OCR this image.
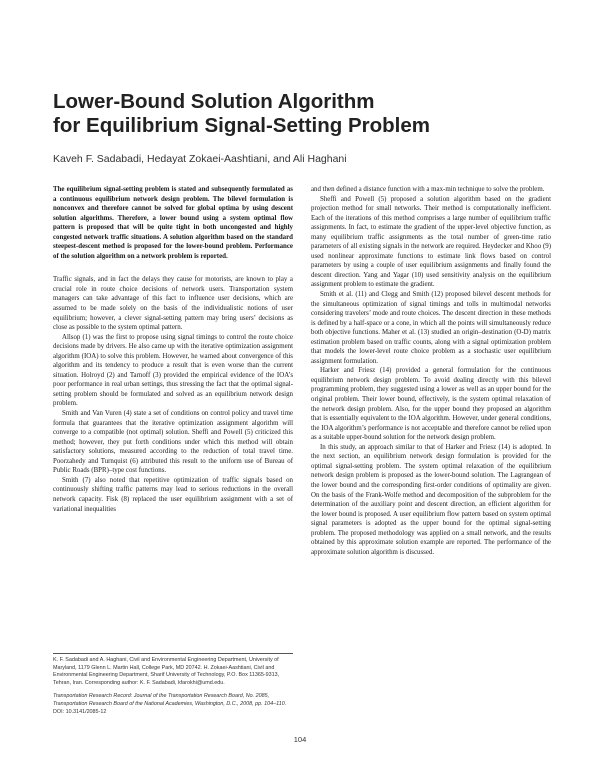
Lower-Bound Solution Algorithm
for Equilibrium Signal-Setting Problem
Kaveh F. Sadabadi, Hedayat Zokaei-Aashtiani, and Ali Haghani

The equilibrium signal-setting problem is stated and subsequently formulated as a continuous equilibrium network design problem. The bilevel formulation is nonconvex and therefore cannot be solved for global optima by using descent solution algorithms. Therefore, a lower bound using a system optimal flow pattern is proposed that will be quite tight in both uncongested and highly congested network traffic situations. A solution algorithm based on the standard steepest-descent method is proposed for the lower-bound problem. Performance of the solution algorithm on a network problem is reported.

Traffic signals, and in fact the delays they cause for motorists, are known to play a crucial role in route choice decisions of network users. Transportation system managers can take advantage of this fact to influence user decisions, which are assumed to be made solely on the basis of the individualistic notions of user equilibrium; however, a clever signal-setting pattern may bring users’ decisions as close as possible to the system optimal pattern.

Allsop (1) was the first to propose using signal timings to control the route choice decisions made by drivers. He also came up with the iterative optimization assignment algorithm (IOA) to solve this problem. However, he warned about convergence of this algorithm and its tendency to produce a result that is even worse than the current situation. Holroyd (2) and Tarnoff (3) provided the empirical evidence of the IOA’s poor performance in real urban settings, thus stressing the fact that the optimal signal-setting problem should be formulated and solved as an equilibrium network design problem.

Smith and Van Vuren (4) state a set of conditions on control policy and travel time formula that guarantees that the iterative optimization assignment algorithm will converge to a compatible (not optimal) solution. Sheffi and Powell (5) criticized this method; however, they put forth conditions under which this method will obtain satisfactory solutions, measured according to the reduction of total travel time. Poorzahedy and Turnquist (6) attributed this result to the uniform use of Bureau of Public Roads (BPR)–type cost functions.

Smith (7) also noted that repetitive optimization of traffic signals based on continuously shifting traffic patterns may lead to serious reductions in the overall network capacity. Fisk (8) replaced the user equilibrium assignment with a set of variational inequalities

K. F. Sadabadi and A. Haghani, Civil and Environmental Engineering Department, University of Maryland, 1179 Glenn L. Martin Hall, College Park, MD 20742. H. Zokaei-Aashtiani, Civil and Environmental Engineering Department, Sharif University of Technology, P.O. Box 11365-9313, Tehran, Iran. Corresponding author: K. F. Sadabadi, kfarokhi@umd.edu.

Transportation Research Record: Journal of the Transportation Research Board, No. 2085, Transportation Research Board of the National Academies, Washington, D.C., 2008, pp. 104–110.

DOI: 10.3141/2085-12

and then defined a distance function with a max-min technique to solve the problem.

Sheffi and Powell (5) proposed a solution algorithm based on the gradient projection method for small networks. Their method is computationally inefficient. Each of the iterations of this method comprises a large number of equilibrium traffic assignments. In fact, to estimate the gradient of the upper-level objective function, as many equilibrium traffic assignments as the total number of green-time ratio parameters of all existing signals in the network are required. Heydecker and Khoo (9) used nonlinear approximate functions to estimate link flows based on control parameters by using a couple of user equilibrium assignments and finally found the descent direction. Yang and Yagar (10) used sensitivity analysis on the equilibrium assignment problem to estimate the gradient.

Smith et al. (11) and Clegg and Smith (12) proposed bilevel descent methods for the simultaneous optimization of signal timings and tolls in multimodal networks considering travelers’ mode and route choices. The descent direction in these methods is defined by a half-space or a cone, in which all the points will simultaneously reduce both objective functions. Maher et al. (13) studied an origin–destination (O-D) matrix estimation problem based on traffic counts, along with a signal optimization problem that models the lower-level route choice problem as a stochastic user equilibrium assignment formulation.

Harker and Friesz (14) provided a general formulation for the continuous equilibrium network design problem. To avoid dealing directly with this bilevel programming problem, they suggested using a lower as well as an upper bound for the original problem. Their lower bound, effectively, is the system optimal relaxation of the network design problem. Also, for the upper bound they proposed an algorithm that is essentially equivalent to the IOA algorithm. However, under general conditions, the IOA algorithm’s performance is not acceptable and therefore cannot be relied upon as a suitable upper-bound solution for the network design problem.

In this study, an approach similar to that of Harker and Friesz (14) is adopted. In the next section, an equilibrium network design formulation is provided for the optimal signal-setting problem. The system optimal relaxation of the equilibrium network design problem is proposed as the lower-bound solution. The Lagrangean of the lower bound and the corresponding first-order conditions of optimality are given. On the basis of the Frank-Wolfe method and decomposition of the subproblem for the determination of the auxiliary point and descent direction, an efficient algorithm for the lower bound is proposed. A user equilibrium flow pattern based on system optimal signal parameters is adopted as the upper bound for the optimal signal-setting problem. The proposed methodology was applied on a small network, and the results obtained by this approximate solution example are reported. The performance of the approximate solution algorithm is discussed.

104
